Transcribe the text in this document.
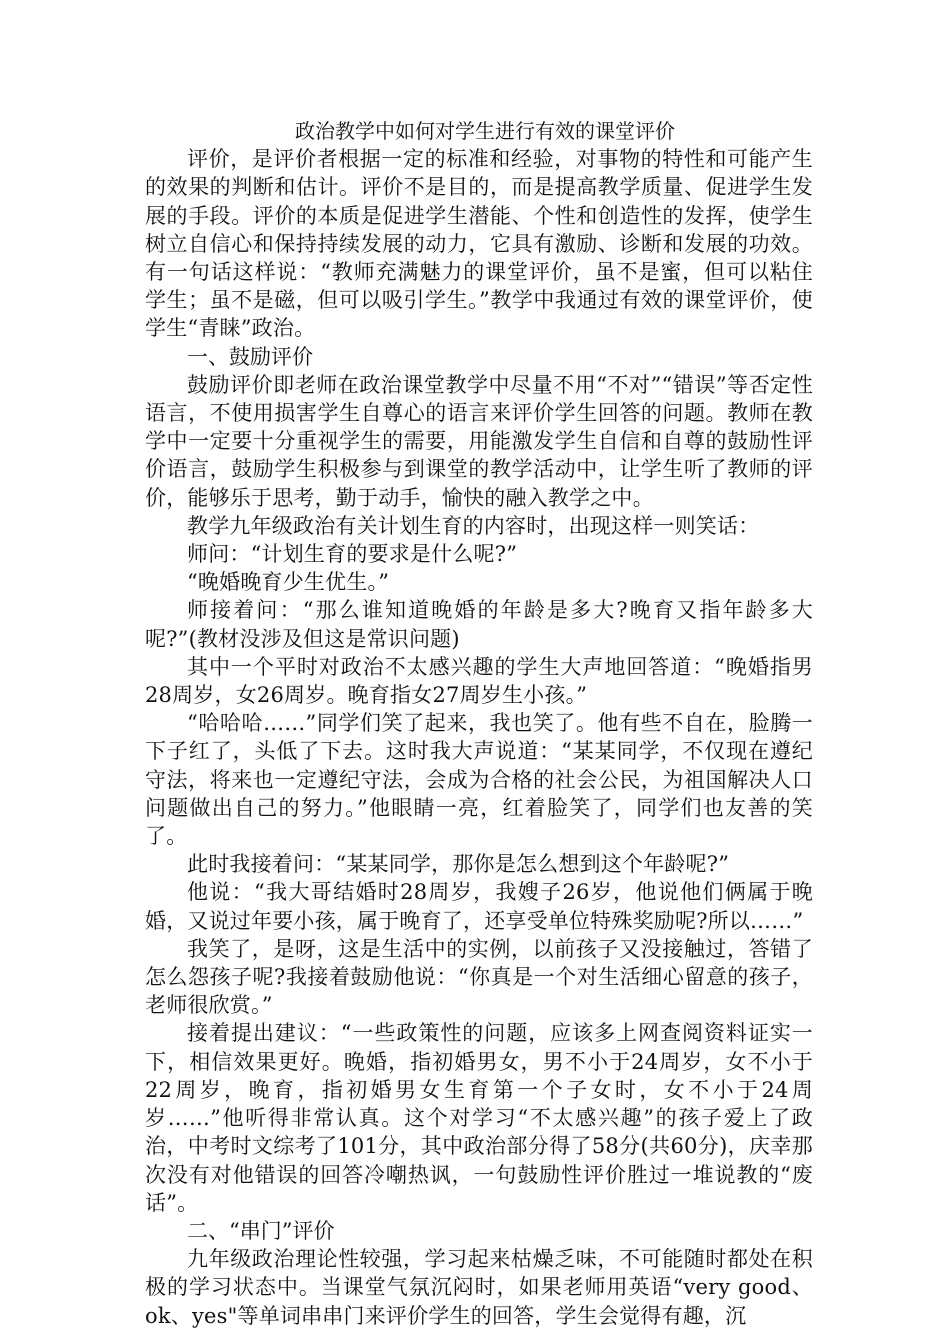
政治教学中如何对学生进行有效的课堂评价

评价，是评价者根据一定的标准和经验，对事物的特性和可能产生的效果的判断和估计。评价不是目的，而是提高教学质量、促进学生发展的手段。评价的本质是促进学生潜能、个性和创造性的发挥，使学生树立自信心和保持持续发展的动力，它具有激励、诊断和发展的功效。有一句话这样说：“教师充满魅力的课堂评价，虽不是蜜，但可以粘住学生；虽不是磁，但可以吸引学生。”教学中我通过有效的课堂评价，使学生“青睐”政治。

一、鼓励评价

鼓励评价即老师在政治课堂教学中尽量不用“不对”“错误”等否定性语言，不使用损害学生自尊心的语言来评价学生回答的问题。教师在教学中一定要十分重视学生的需要，用能激发学生自信和自尊的鼓励性评价语言，鼓励学生积极参与到课堂的教学活动中，让学生听了教师的评价，能够乐于思考，勤于动手，愉快的融入教学之中。

教学九年级政治有关计划生育的内容时，出现这样一则笑话：

师问：“计划生育的要求是什么呢?”

“晚婚晚育少生优生。”

师接着问：“那么谁知道晚婚的年龄是多大?晚育又指年龄多大呢?”(教材没涉及但这是常识问题)

其中一个平时对政治不太感兴趣的学生大声地回答道：“晚婚指男28周岁，女26周岁。晚育指女27周岁生小孩。”

“哈哈哈……”同学们笑了起来，我也笑了。他有些不自在，脸腾一下子红了，头低了下去。这时我大声说道：“某某同学，不仅现在遵纪守法，将来也一定遵纪守法，会成为合格的社会公民，为祖国解决人口问题做出自己的努力。”他眼睛一亮，红着脸笑了，同学们也友善的笑了。

此时我接着问：“某某同学，那你是怎么想到这个年龄呢?”

他说：“我大哥结婚时28周岁，我嫂子26岁，他说他们俩属于晚婚，又说过年要小孩，属于晚育了，还享受单位特殊奖励呢?所以……”

我笑了，是呀，这是生活中的实例，以前孩子又没接触过，答错了怎么怨孩子呢?我接着鼓励他说：“你真是一个对生活细心留意的孩子，老师很欣赏。”

接着提出建议：“一些政策性的问题，应该多上网查阅资料证实一下，相信效果更好。晚婚，指初婚男女，男不小于24周岁，女不小于22周岁，晚育，指初婚男女生育第一个子女时，女不小于24周岁……”他听得非常认真。这个对学习“不太感兴趣”的孩子爱上了政治，中考时文综考了101分，其中政治部分得了58分(共60分)，庆幸那次没有对他错误的回答冷嘲热讽，一句鼓励性评价胜过一堆说教的“废话”。

二、“串门”评价

九年级政治理论性较强，学习起来枯燥乏味，不可能随时都处在积极的学习状态中。当课堂气氛沉闷时，如果老师用英语“very good、ok、yes"等单词串串门来评价学生的回答，学生会觉得有趣，沉
